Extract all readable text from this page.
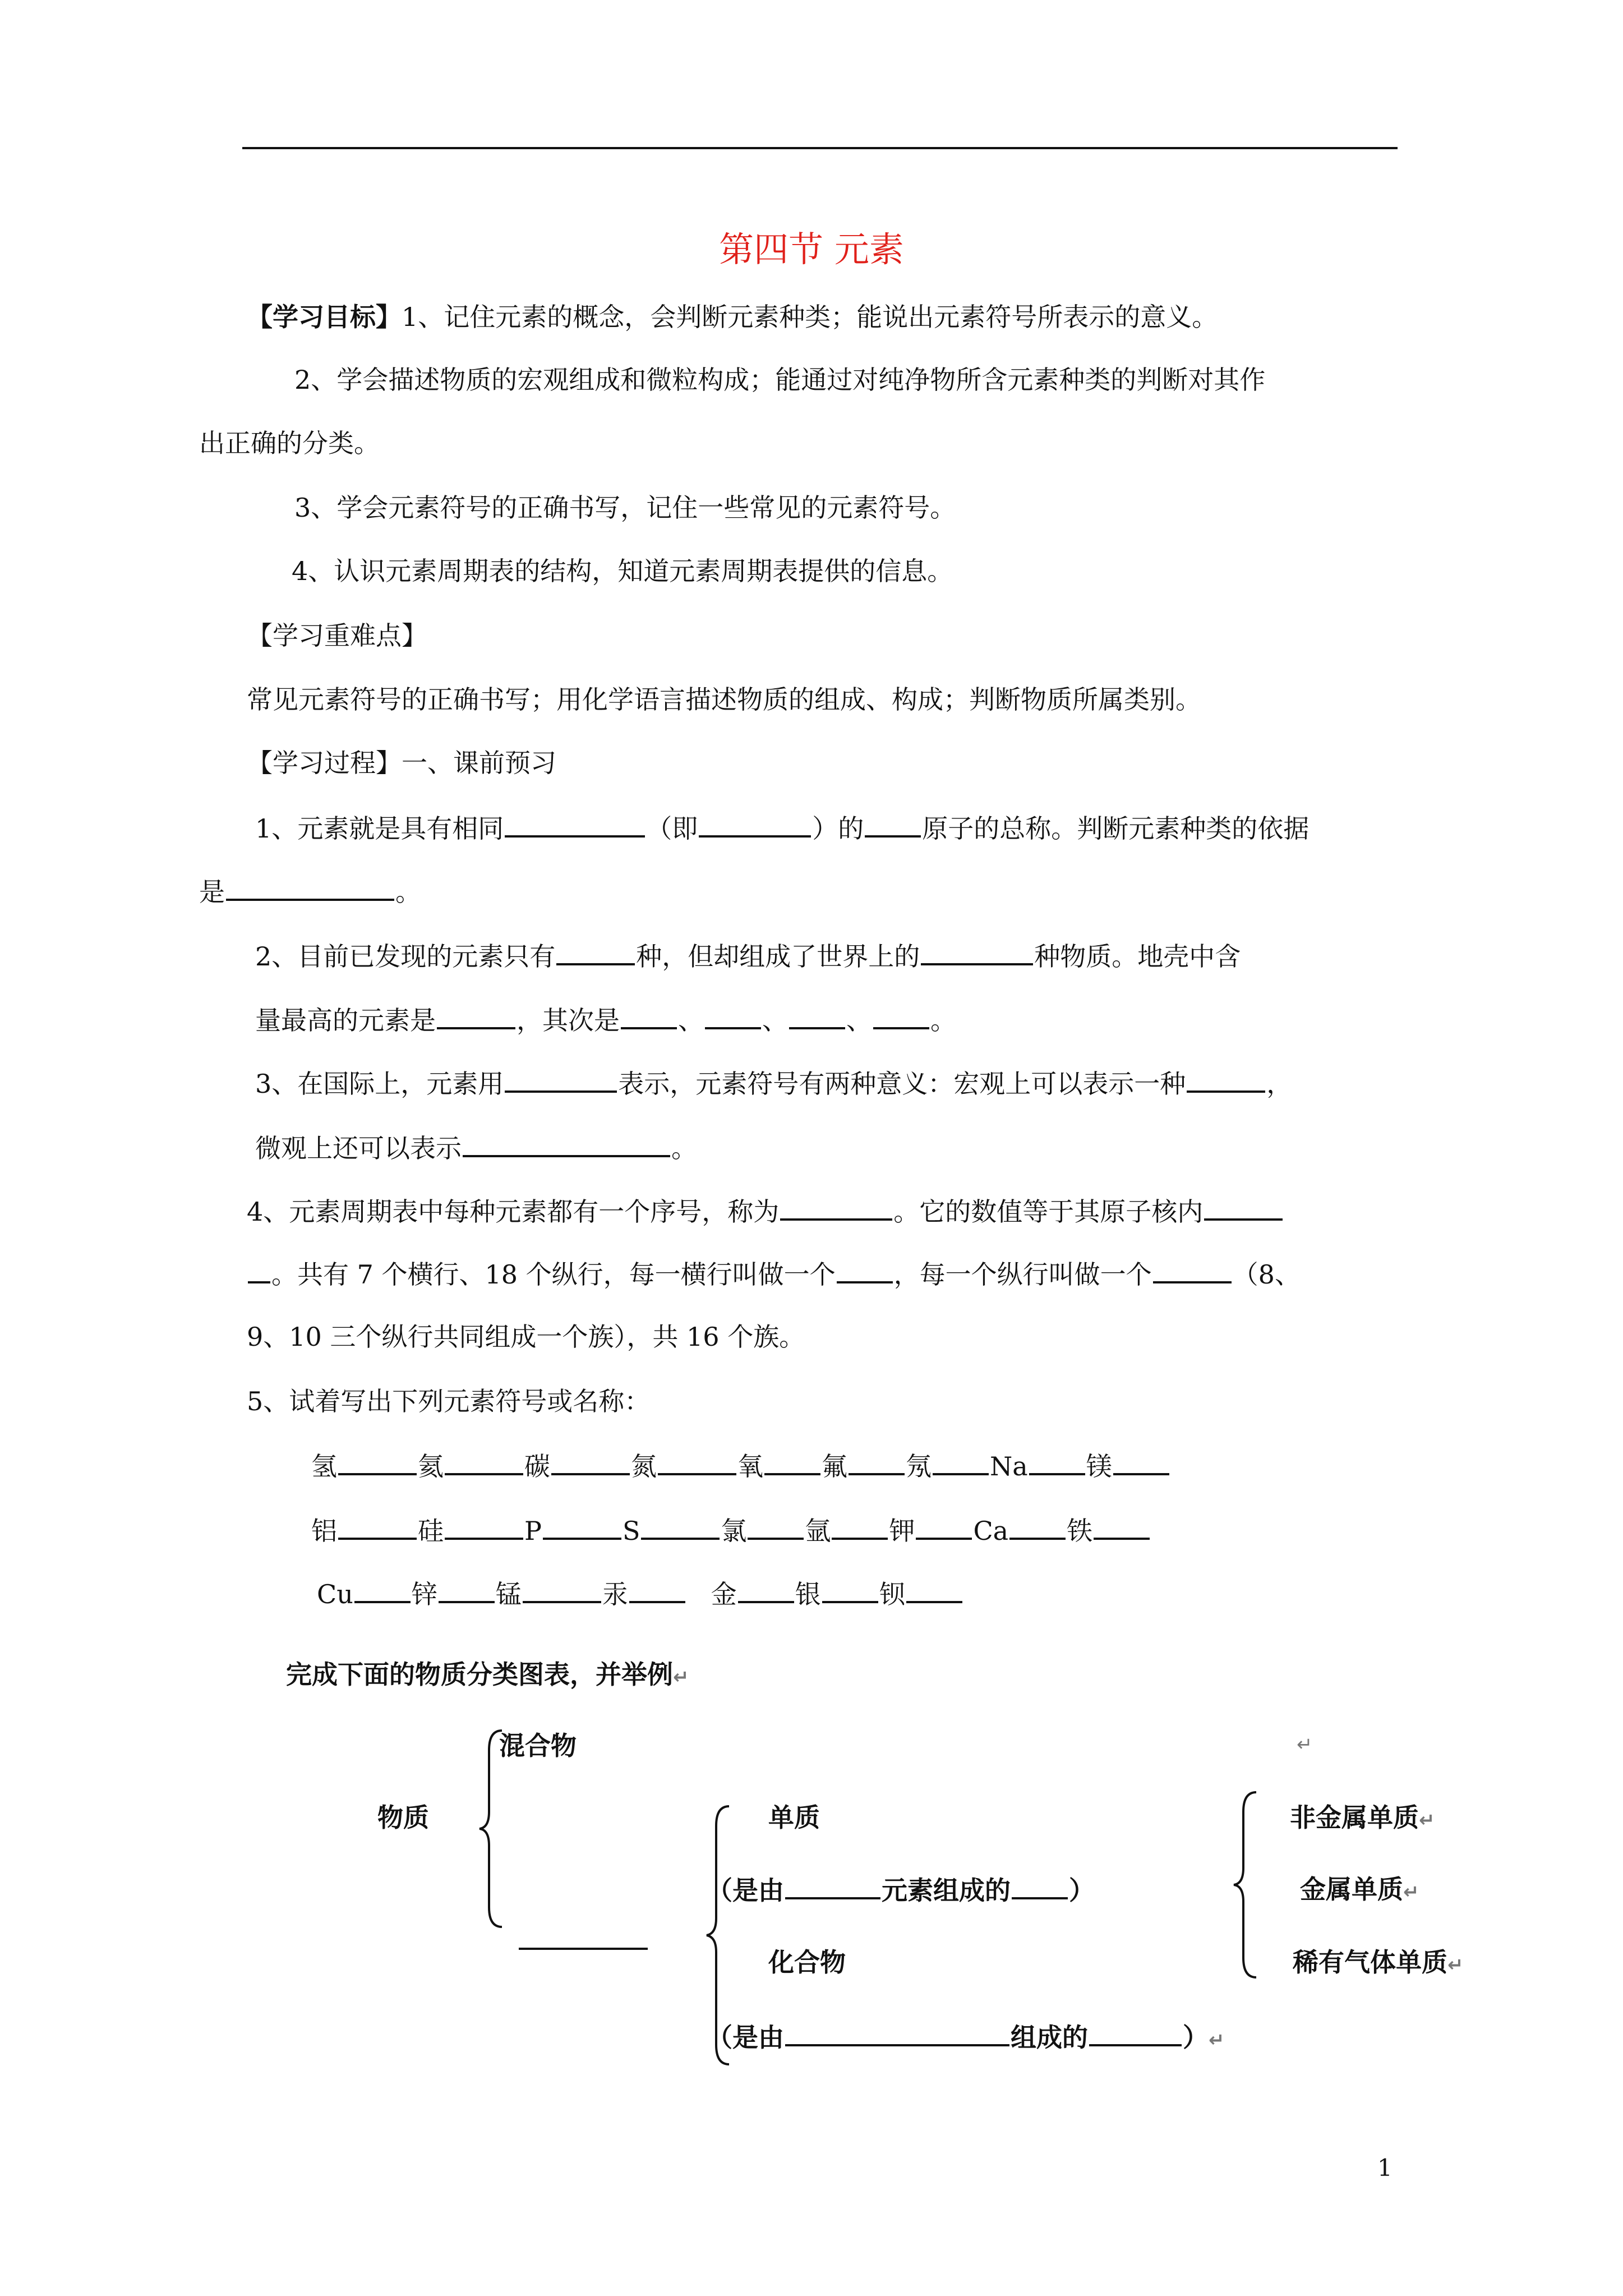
第四节 元素
【学习目标】1、记住元素的概念，会判断元素种类；能说出元素符号所表示的意义。
2、学会描述物质的宏观组成和微粒构成；能通过对纯净物所含元素种类的判断对其作
出正确的分类。
3、学会元素符号的正确书写，记住一些常见的元素符号。
4、认识元素周期表的结构，知道元素周期表提供的信息。
【学习重难点】
常见元素符号的正确书写；用化学语言描述物质的组成、构成；判断物质所属类别。
【学习过程】一、课前预习
1、元素就是具有相同	（即	）的 原子的总称。判断元素种类的依据
是	。
2、目前已发现的元素只有	种，但却组成了世界上的	种物质。地壳中含
量最高的元素是	，其次是 、 、 、 。
3、在国际上，元素用	表示，元素符号有两种意义：宏观上可以表示一种	，
微观上还可以表示	。
4、元素周期表中每种元素都有一个序号，称为	。它的数值等于其原子核内
。共有 7 个横行、18 个纵行，每一横行叫做一个 ，每一个纵行叫做一个	（8、
9、10 三个纵行共同组成一个族），共 16 个族。
5、试着写出下列元素符号或名称：
氢	氦	碳	氮	氧 氟 氖 Na 镁
铝	硅	P	S	氯 氩 钾 Ca 铁
Cu 锌 锰	汞	金 银 钡
完成下面的物质分类图表，并举例↵
混合物	↵
物质	单质
（是由	元素组成的 ）
化合物
（是由	组成的	）↵
非金属单质↵
金属单质↵
稀有气体单质↵
1
